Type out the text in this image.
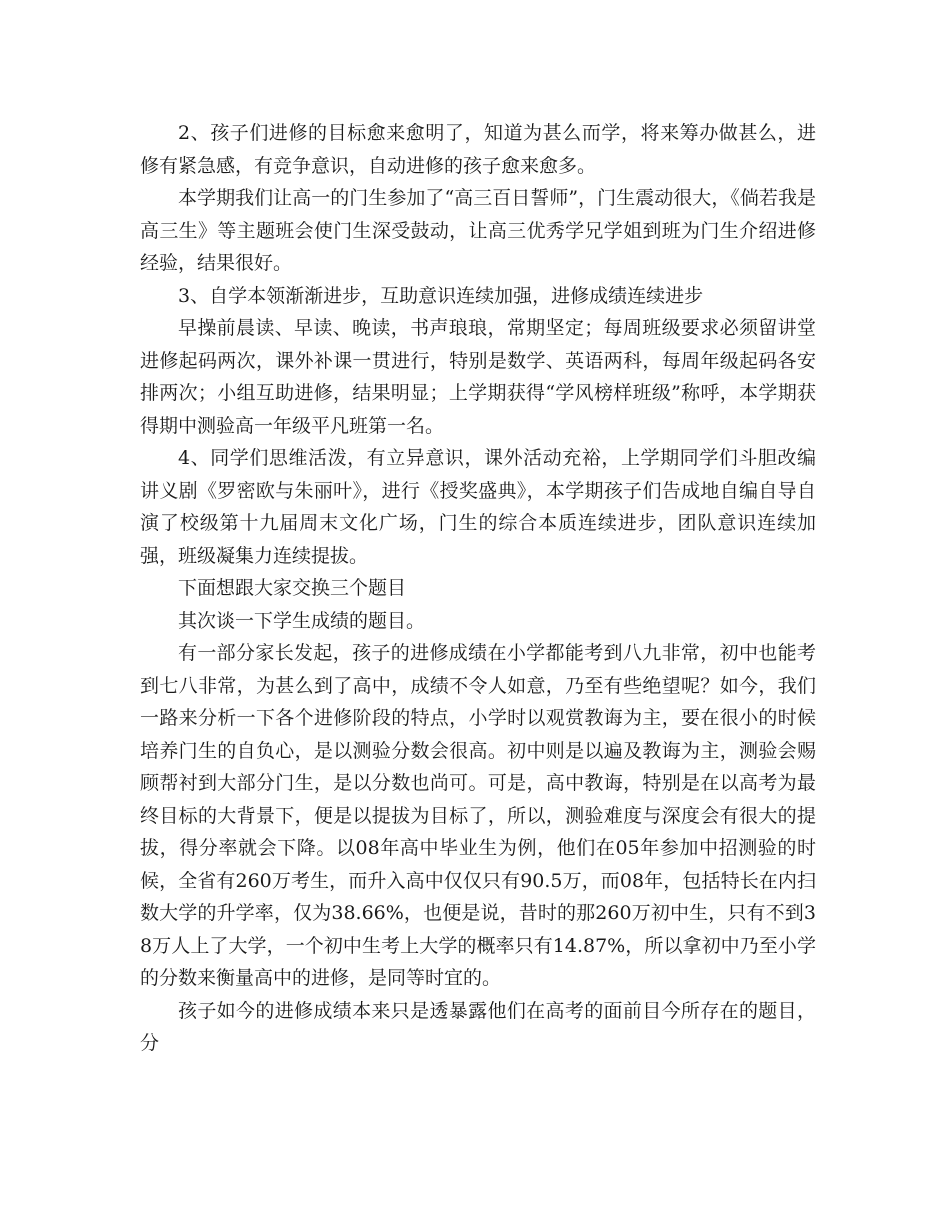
2、孩子们进修的目标愈来愈明了，知道为甚么而学，将来筹办做甚么，进修有紧急感，有竞争意识，自动进修的孩子愈来愈多。

本学期我们让高一的门生参加了“高三百日誓师”，门生震动很大，《倘若我是高三生》等主题班会使门生深受鼓动，让高三优秀学兄学姐到班为门生介绍进修经验，结果很好。

3、自学本领渐渐进步，互助意识连续加强，进修成绩连续进步

早操前晨读、早读、晚读，书声琅琅，常期坚定；每周班级要求必须留讲堂进修起码两次，课外补课一贯进行，特别是数学、英语两科，每周年级起码各安排两次；小组互助进修，结果明显；上学期获得“学风榜样班级”称呼，本学期获得期中测验高一年级平凡班第一名。

4、同学们思维活泼，有立异意识，课外活动充裕，上学期同学们斗胆改编讲义剧《罗密欧与朱丽叶》，进行《授奖盛典》，本学期孩子们告成地自编自导自演了校级第十九届周末文化广场，门生的综合本质连续进步，团队意识连续加强，班级凝集力连续提拔。

下面想跟大家交换三个题目

其次谈一下学生成绩的题目。

有一部分家长发起，孩子的进修成绩在小学都能考到八九非常，初中也能考到七八非常，为甚么到了高中，成绩不令人如意，乃至有些绝望呢？如今，我们一路来分析一下各个进修阶段的特点，小学时以观赏教诲为主，要在很小的时候培养门生的自负心，是以测验分数会很高。初中则是以遍及教诲为主，测验会赐顾帮衬到大部分门生，是以分数也尚可。可是，高中教诲，特别是在以高考为最终目标的大背景下，便是以提拔为目标了，所以，测验难度与深度会有很大的提拔，得分率就会下降。以08年高中毕业生为例，他们在05年参加中招测验的时候，全省有260万考生，而升入高中仅仅只有90.5万，而08年，包括特长在内扫数大学的升学率，仅为38.66%，也便是说，昔时的那260万初中生，只有不到38万人上了大学，一个初中生考上大学的概率只有14.87%，所以拿初中乃至小学的分数来衡量高中的进修，是同等时宜的。

孩子如今的进修成绩本来只是透暴露他们在高考的面前目今所存在的题目，分
